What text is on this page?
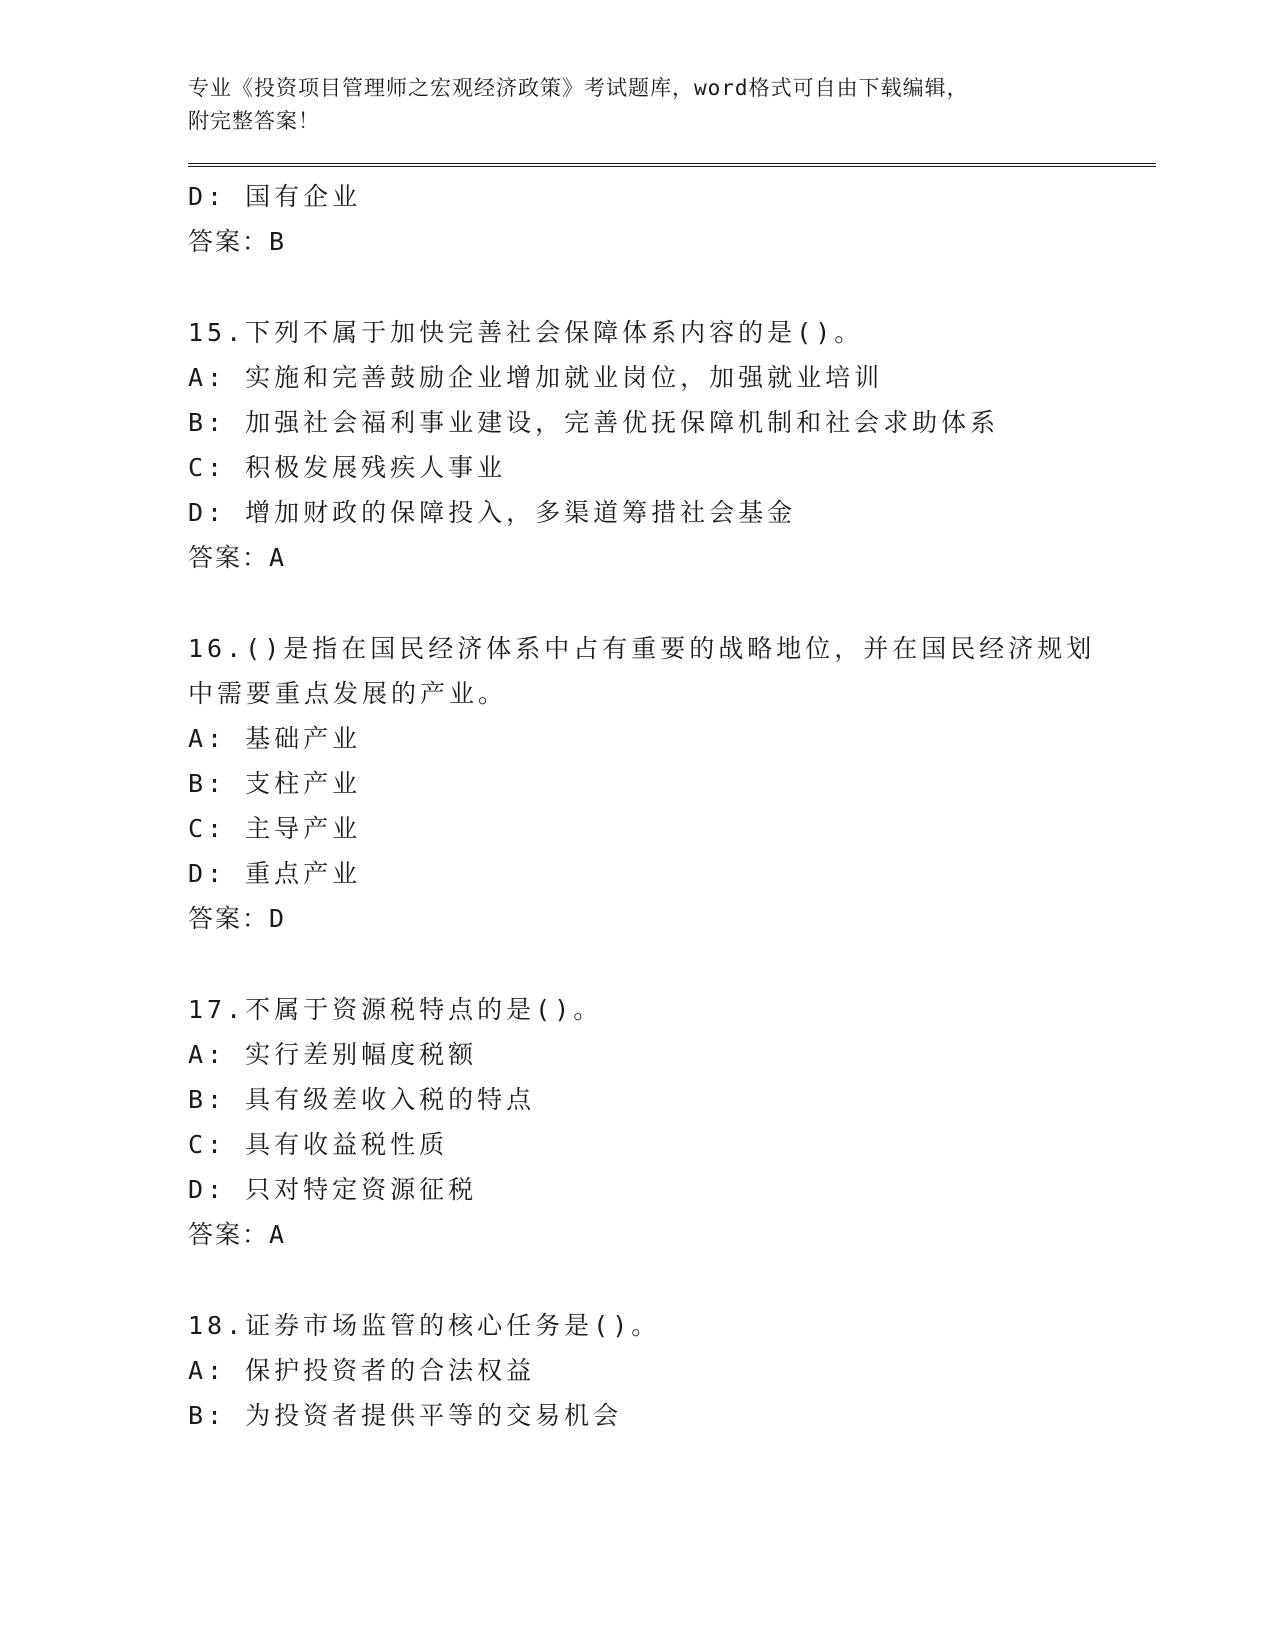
专业《投资项目管理师之宏观经济政策》考试题库，word格式可自由下载编辑，

附完整答案！

D: 国有企业
答案：B
15.下列不属于加快完善社会保障体系内容的是()。
A: 实施和完善鼓励企业增加就业岗位，加强就业培训
B: 加强社会福利事业建设，完善优抚保障机制和社会求助体系
C: 积极发展残疾人事业
D: 增加财政的保障投入，多渠道筹措社会基金
答案：A
16.()是指在国民经济体系中占有重要的战略地位，并在国民经济规划
中需要重点发展的产业。
A: 基础产业
B: 支柱产业
C: 主导产业
D: 重点产业
答案：D
17.不属于资源税特点的是()。
A: 实行差别幅度税额
B: 具有级差收入税的特点
C: 具有收益税性质
D: 只对特定资源征税
答案：A
18.证券市场监管的核心任务是()。
A: 保护投资者的合法权益
B: 为投资者提供平等的交易机会
